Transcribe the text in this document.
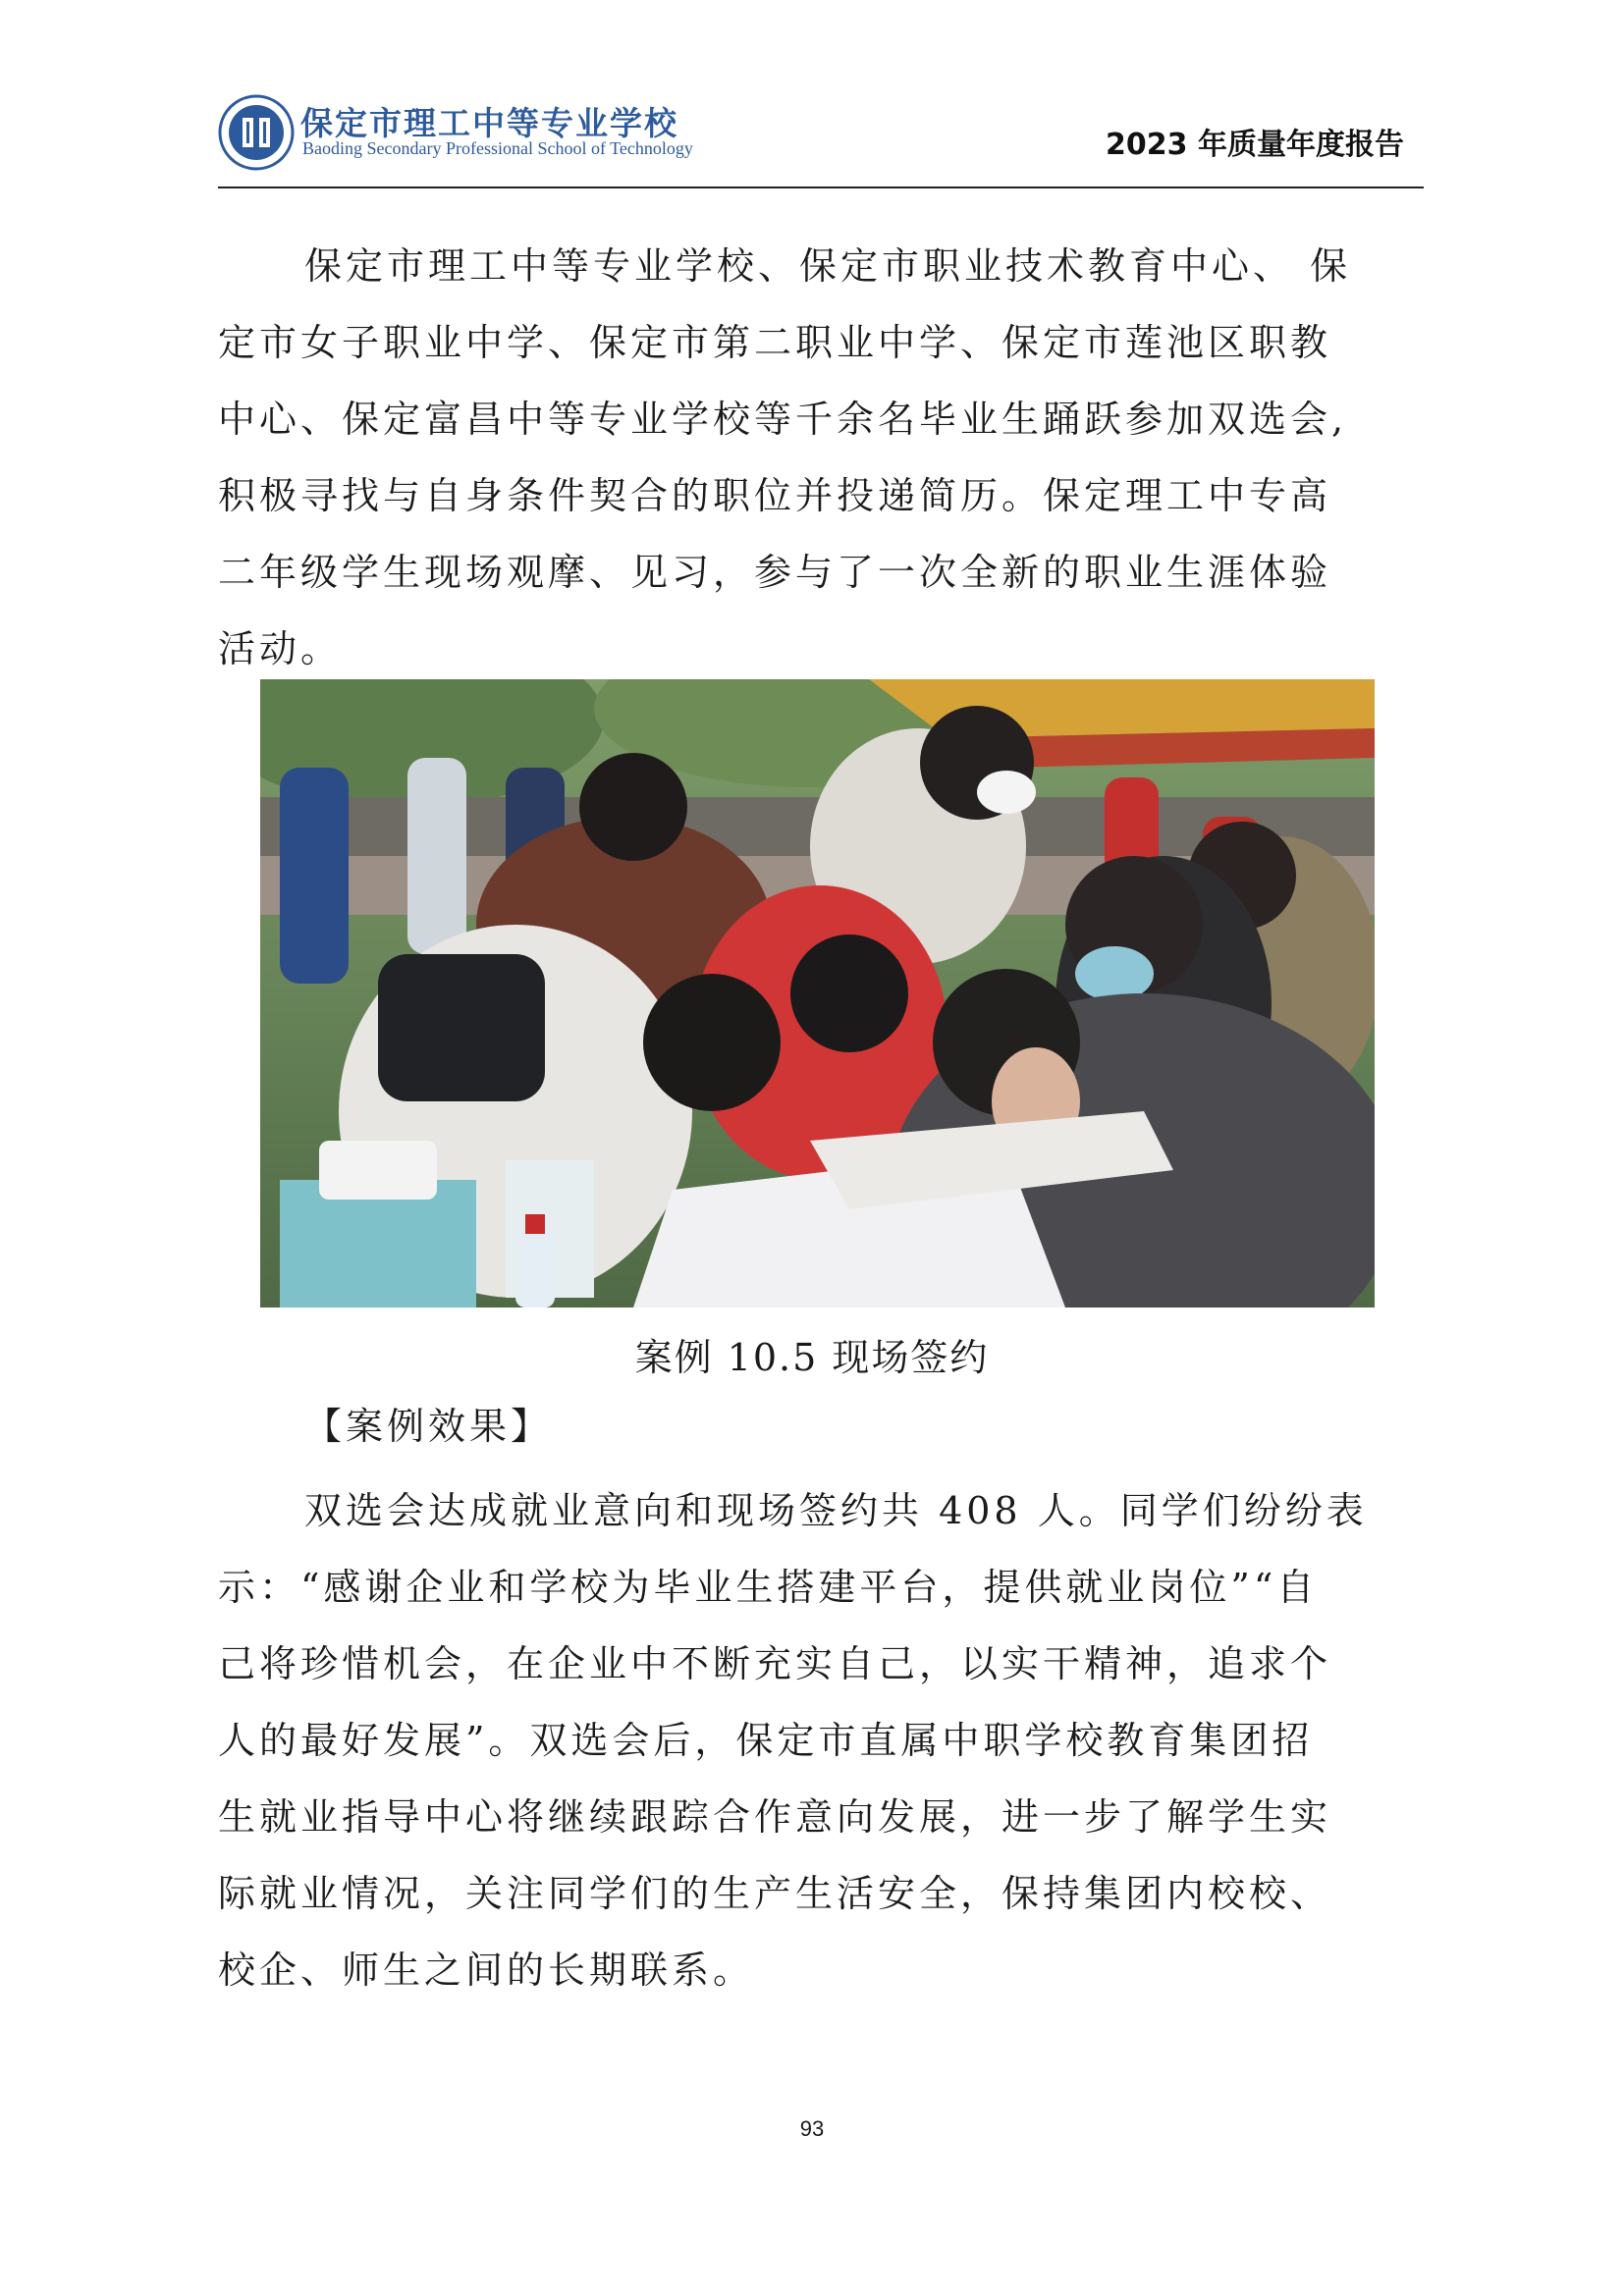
保定市理工中等专业学校
Baoding Secondary Professional School of Technology	2023 年质量年度报告
保定市理工中等专业学校、保定市职业技术教育中心、 保
定市女子职业中学、保定市第二职业中学、保定市莲池区职教
中心、保定富昌中等专业学校等千余名毕业生踊跃参加双选会,
积极寻找与自身条件契合的职位并投递简历。保定理工中专高
二年级学生现场观摩、见习，参与了一次全新的职业生涯体验
活动。
案例 10.5 现场签约
【案例效果】
双选会达成就业意向和现场签约共 408 人。同学们纷纷表
示：“感谢企业和学校为毕业生搭建平台，提供就业岗位”“自
己将珍惜机会，在企业中不断充实自己，以实干精神，追求个
人的最好发展”。双选会后，保定市直属中职学校教育集团招
生就业指导中心将继续跟踪合作意向发展，进一步了解学生实
际就业情况，关注同学们的生产生活安全，保持集团内校校、
校企、师生之间的长期联系。
93
